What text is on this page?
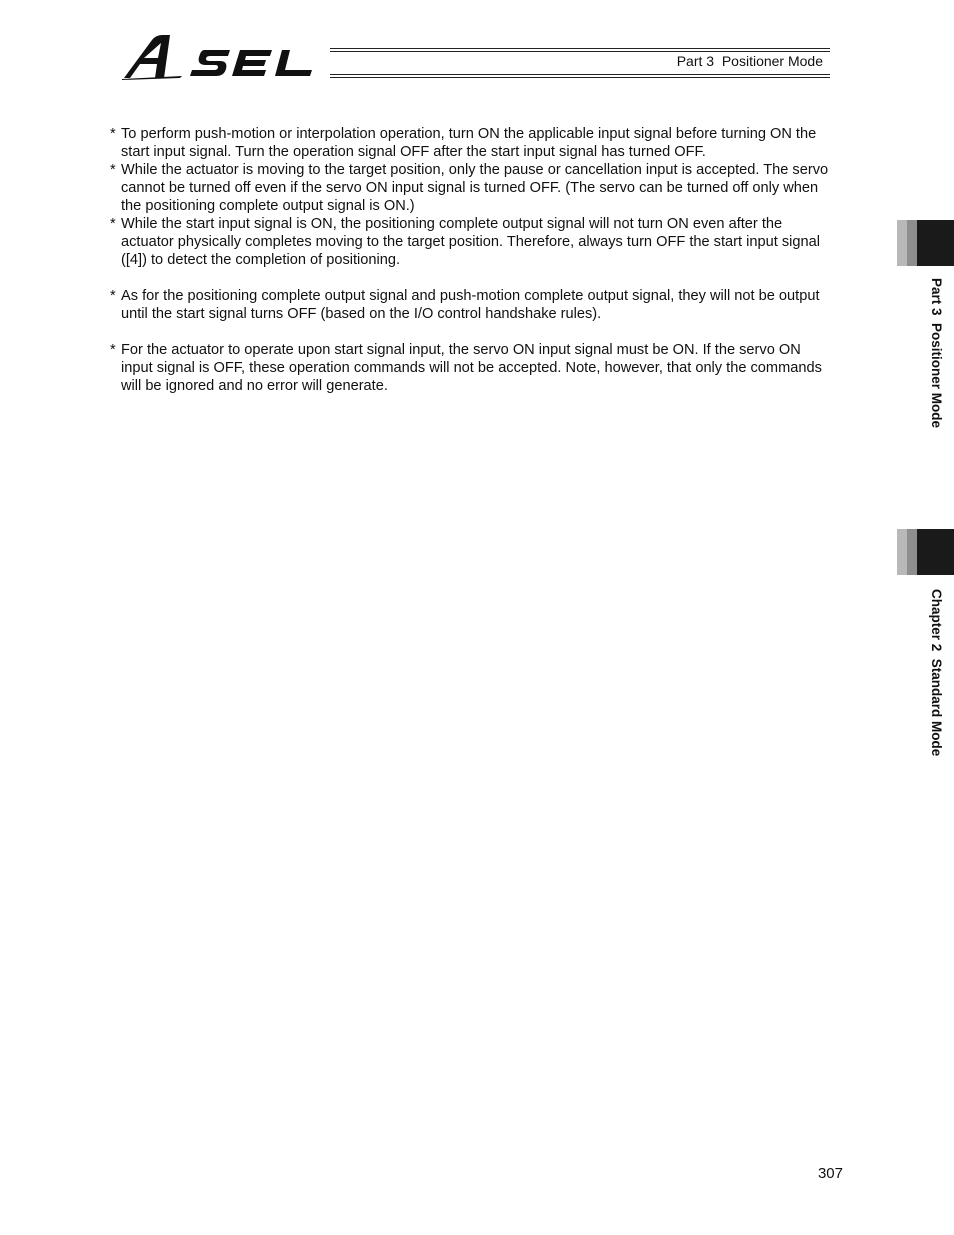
Part 3  Positioner Mode
* To perform push-motion or interpolation operation, turn ON the applicable input signal before turning ON the start input signal. Turn the operation signal OFF after the start input signal has turned OFF.
* While the actuator is moving to the target position, only the pause or cancellation input is accepted. The servo cannot be turned off even if the servo ON input signal is turned OFF. (The servo can be turned off only when the positioning complete output signal is ON.)
* While the start input signal is ON, the positioning complete output signal will not turn ON even after the actuator physically completes moving to the target position. Therefore, always turn OFF the start input signal ([4]) to detect the completion of positioning.
* As for the positioning complete output signal and push-motion complete output signal, they will not be output until the start signal turns OFF (based on the I/O control handshake rules).
* For the actuator to operate upon start signal input, the servo ON input signal must be ON. If the servo ON input signal is OFF, these operation commands will not be accepted. Note, however, that only the commands will be ignored and no error will generate.	Part 3  Positioner Mode
Chapter 2  Standard Mode
307
